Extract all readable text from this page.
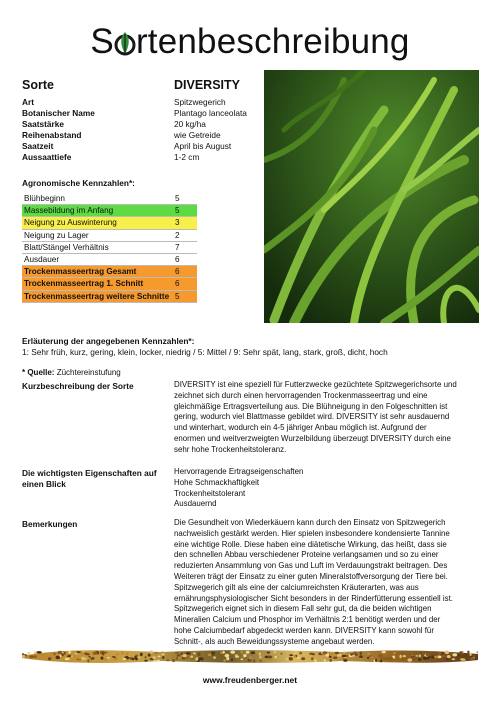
S rtenbeschreibung
Sorte	DIVERSITY
Art	Spitzwegerich
Botanischer Name	Plantago lanceolata
Saatstärke	20 kg/ha
Reihenabstand	wie Getreide
Saatzeit	April bis August
Aussaattiefe	1-2 cm
Agronomische Kennzahlen*:
Blühbeginn	5
Massebildung im Anfang	5
Neigung zu Auswinterung	3
Neigung zu Lager	2
Blatt/Stängel Verhältnis	7
Ausdauer	6
Trockenmasseertrag Gesamt	6
Trockenmasseertrag 1. Schnitt	6
Trockenmasseertrag weitere Schnitte 5
Erläuterung der angegebenen Kennzahlen*:
1: Sehr früh, kurz, gering, klein, locker, niedrig / 5: Mittel / 9: Sehr spät, lang, stark, groß, dicht, hoch
* Quelle: Züchtereinstufung
Kurzbeschreibung der Sorte	DIVERSITY ist eine speziell für Futterzwecke gezüchtete Spitzwegerichsorte und
zeichnet sich durch einen hervorragenden Trockenmasseertrag und eine
gleichmäßige Ertragsverteilung aus. Die Blühneigung in den Folgeschnitten ist
gering, wodurch viel Blattmasse gebildet wird. DIVERSITY ist sehr ausdauernd
und winterhart, wodurch ein 4-5 jähriger Anbau möglich ist. Aufgrund der
enormen und weitverzweigten Wurzelbildung überzeugt DIVERSITY durch eine
sehr hohe Trockenheitstoleranz.
Die wichtigsten Eigenschaften auf
einen Blick
Hervorragende Ertragseigenschaften
Hohe Schmackhaftigkeit
Trockenheitstolerant
Ausdauernd
Bemerkungen	Die Gesundheit von Wiederkäuern kann durch den Einsatz von Spitzwegerich
nachweislich gestärkt werden. Hier spielen insbesondere kondensierte Tannine
eine wichtige Rolle. Diese haben eine diätetische Wirkung, das heißt, dass sie
den schnellen Abbau verschiedener Proteine verlangsamen und so zu einer
reduzierten Ansammlung von Gas und Luft im Verdauungstrakt beitragen. Des
Weiteren trägt der Einsatz zu einer guten Mineralstoffversorgung der Tiere bei.
Spitzwegerich gilt als eine der calciumreichsten Kräuterarten, was aus
ernährungsphysiologischer Sicht besonders in der Rinderfütterung essentiell ist.
Spitzwegerich eignet sich in diesem Fall sehr gut, da die beiden wichtigen
Mineralien Calcium und Phosphor im Verhältnis 2:1 benötigt werden und der
hohe Calciumbedarf abgedeckt werden kann. DIVERSITY kann sowohl für
Schnitt-, als auch Beweidungssysteme angebaut werden.
www.freudenberger.net
